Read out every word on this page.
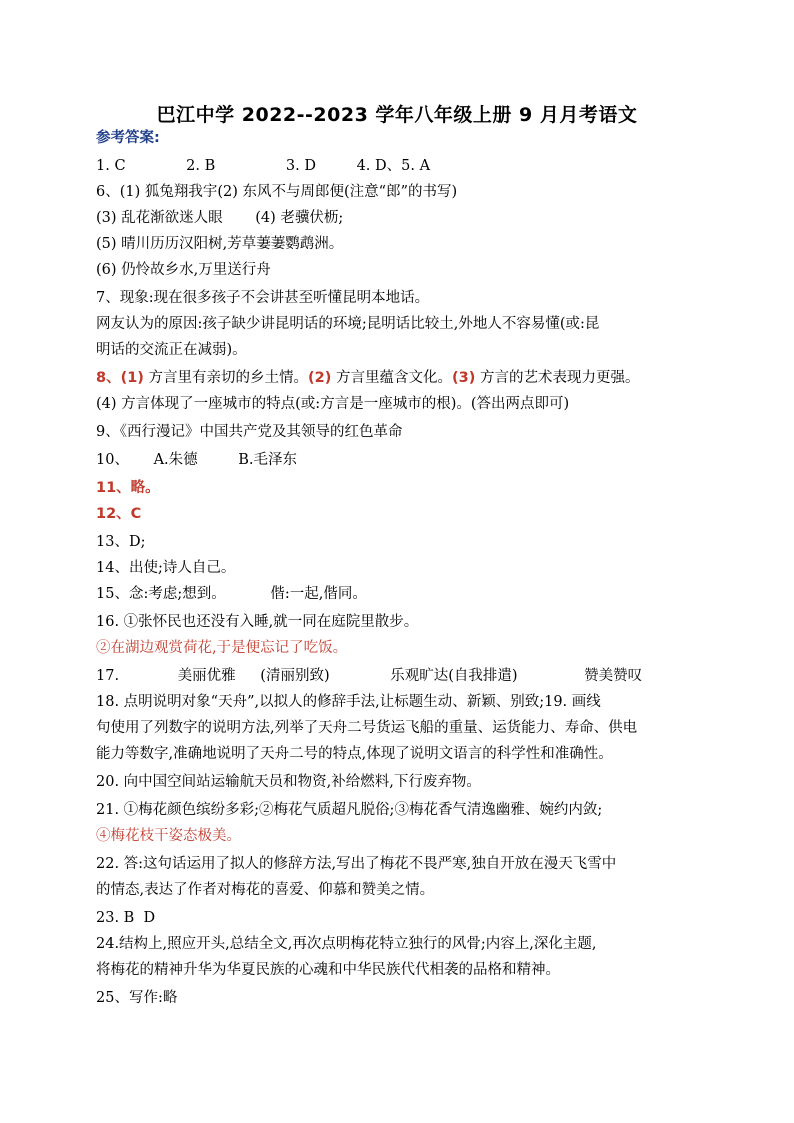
巴江中学 2022--2023 学年八年级上册 9 月月考语文
参考答案:
1. C	2. B	3. D	4. D、5. A
6、(1) 狐兔翔我宇(2) 东风不与周郎便(注意“郎”的书写)
(3) 乱花渐欲迷人眼 (4) 老骥伏枥;
(5) 晴川历历汉阳树,芳草萋萋鹦鹉洲。
(6) 仍怜故乡水,万里送行舟
7、现象:现在很多孩子不会讲甚至听懂昆明本地话。
网友认为的原因:孩子缺少讲昆明话的环境;昆明话比较土,外地人不容易懂(或:昆
明话的交流正在减弱)。
8、(1) 方言里有亲切的乡土情。(2) 方言里蕴含文化。(3) 方言的艺术表现力更强。
(4) 方言体现了一座城市的特点(或:方言是一座城市的根)。(答出两点即可)
9、《西行漫记》中国共产党及其领导的红色革命
10、 A.朱德	B.毛泽东
11、略。
12、C
13、D;
14、出使;诗人自己。
15、念:考虑;想到。	偕:一起,偕同。
16. ①张怀民也还没有入睡,就一同在庭院里散步。
②在湖边观赏荷花,于是便忘记了吃饭。
17.	美丽优雅 (清丽别致)	乐观旷达(自我排遣)	赞美赞叹
18. 点明说明对象“天舟”,以拟人的修辞手法,让标题生动、新颖、别致;19. 画线
句使用了列数字的说明方法,列举了天舟二号货运飞船的重量、运货能力、寿命、供电
能力等数字,准确地说明了天舟二号的特点,体现了说明文语言的科学性和准确性。
20. 向中国空间站运输航天员和物资,补给燃料,下行废弃物。
21. ①梅花颜色缤纷多彩;②梅花气质超凡脱俗;③梅花香气清逸幽雅、婉约内敛;
④梅花枝干姿态极美。
22. 答:这句话运用了拟人的修辞方法,写出了梅花不畏严寒,独自开放在漫天飞雪中
的情态,表达了作者对梅花的喜爱、仰慕和赞美之情。
23. B  D
24.结构上,照应开头,总结全文,再次点明梅花特立独行的风骨;内容上,深化主题,
将梅花的精神升华为华夏民族的心魂和中华民族代代相袭的品格和精神。
25、写作:略
